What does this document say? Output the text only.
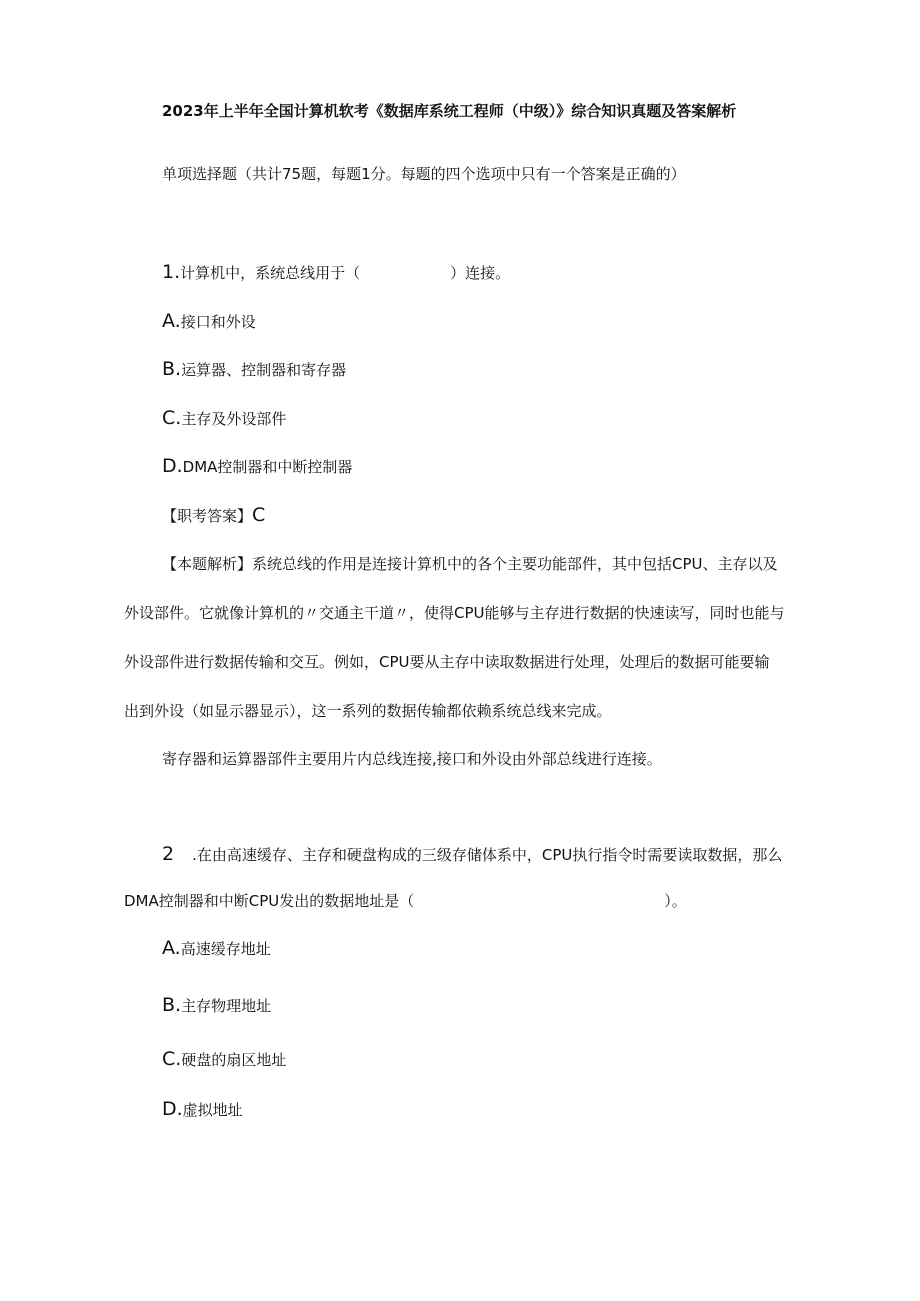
2023年上半年全国计算机软考《数据库系统工程师（中级）》综合知识真题及答案解析
单项选择题（共计75题，每题1分。每题的四个选项中只有一个答案是正确的）
1.计算机中，系统总线用于（	）连接。
A.接口和外设
B.运算器、控制器和寄存器
C.主存及外设部件
D.DMA控制器和中断控制器
【职考答案】C
【本题解析】系统总线的作用是连接计算机中的各个主要功能部件，其中包括CPU、主存以及
外设部件。它就像计算机的〃交通主干道〃，使得CPU能够与主存进行数据的快速读写，同时也能与
外设部件进行数据传输和交互。例如，CPU要从主存中读取数据进行处理，处理后的数据可能要输
出到外设（如显示器显示），这一系列的数据传输都依赖系统总线来完成。
寄存器和运算器部件主要用片内总线连接,接口和外设由外部总线进行连接。
2 .在由高速缓存、主存和硬盘构成的三级存储体系中，CPU执行指令时需要读取数据，那么
DMA控制器和中断CPU发出的数据地址是（	）。
A.高速缓存地址
B.主存物理地址
C.硬盘的扇区地址
D.虚拟地址
